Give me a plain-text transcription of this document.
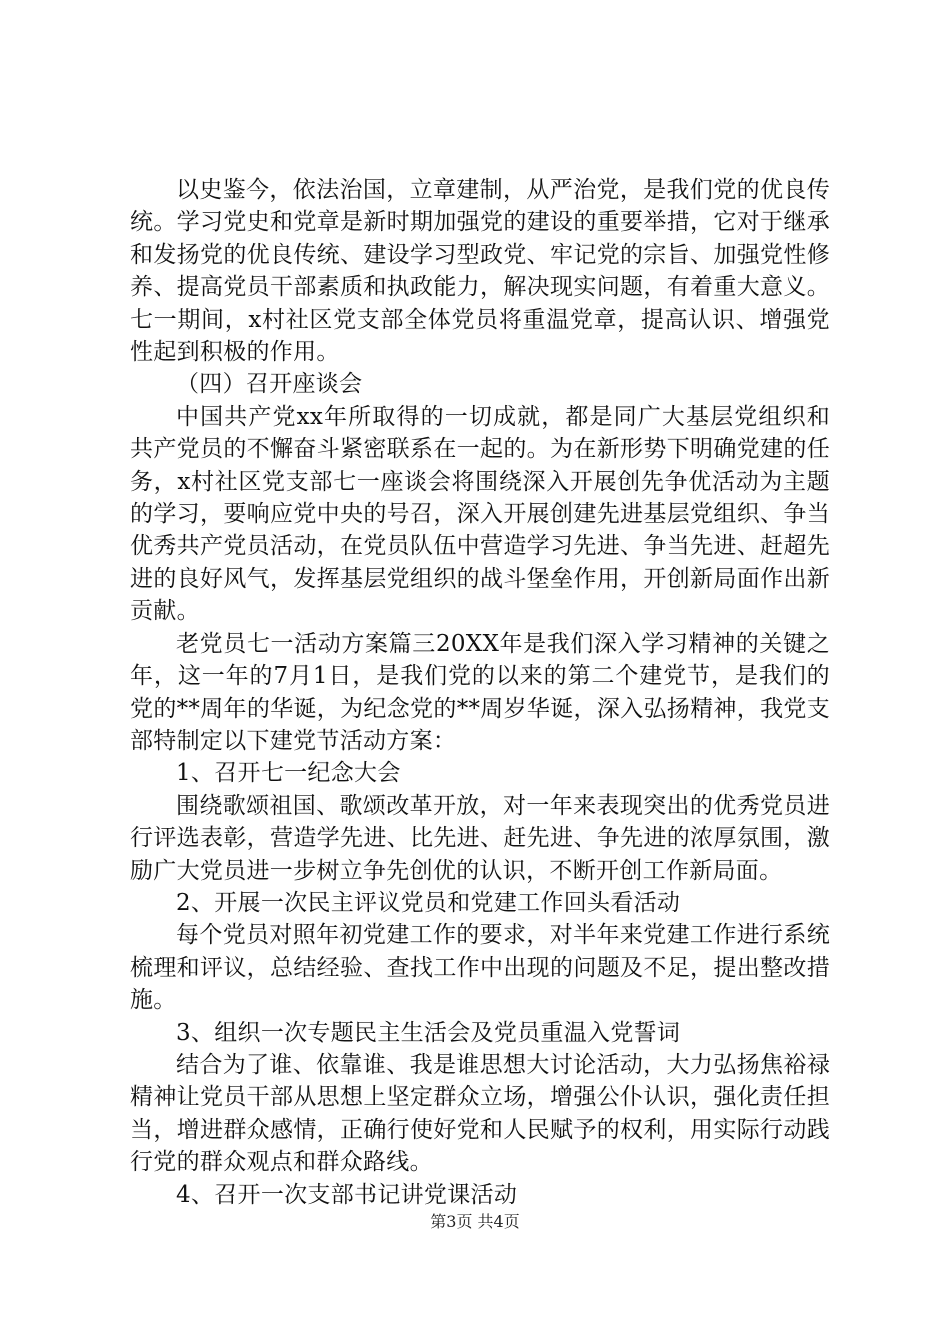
以史鉴今，依法治国，立章建制，从严治党，是我们党的优良传统。学习党史和党章是新时期加强党的建设的重要举措，它对于继承和发扬党的优良传统、建设学习型政党、牢记党的宗旨、加强党性修养、提高党员干部素质和执政能力，解决现实问题，有着重大意义。七一期间，x村社区党支部全体党员将重温党章，提高认识、增强党性起到积极的作用。

（四）召开座谈会

中国共产党xx年所取得的一切成就，都是同广大基层党组织和共产党员的不懈奋斗紧密联系在一起的。为在新形势下明确党建的任务，x村社区党支部七一座谈会将围绕深入开展创先争优活动为主题的学习，要响应党中央的号召，深入开展创建先进基层党组织、争当优秀共产党员活动，在党员队伍中营造学习先进、争当先进、赶超先进的良好风气，发挥基层党组织的战斗堡垒作用，开创新局面作出新贡献。

老党员七一活动方案篇三20XX年是我们深入学习精神的关键之年，这一年的7月1日，是我们党的以来的第二个建党节，是我们的党的**周年的华诞，为纪念党的**周岁华诞，深入弘扬精神，我党支部特制定以下建党节活动方案：

1、召开七一纪念大会

围绕歌颂祖国、歌颂改革开放，对一年来表现突出的优秀党员进行评选表彰，营造学先进、比先进、赶先进、争先进的浓厚氛围，激励广大党员进一步树立争先创优的认识，不断开创工作新局面。

2、开展一次民主评议党员和党建工作回头看活动

每个党员对照年初党建工作的要求，对半年来党建工作进行系统梳理和评议，总结经验、查找工作中出现的问题及不足，提出整改措施。

3、组织一次专题民主生活会及党员重温入党誓词

结合为了谁、依靠谁、我是谁思想大讨论活动，大力弘扬焦裕禄精神让党员干部从思想上坚定群众立场，增强公仆认识，强化责任担当，增进群众感情，正确行使好党和人民赋予的权利，用实际行动践行党的群众观点和群众路线。

4、召开一次支部书记讲党课活动

第3页 共4页
